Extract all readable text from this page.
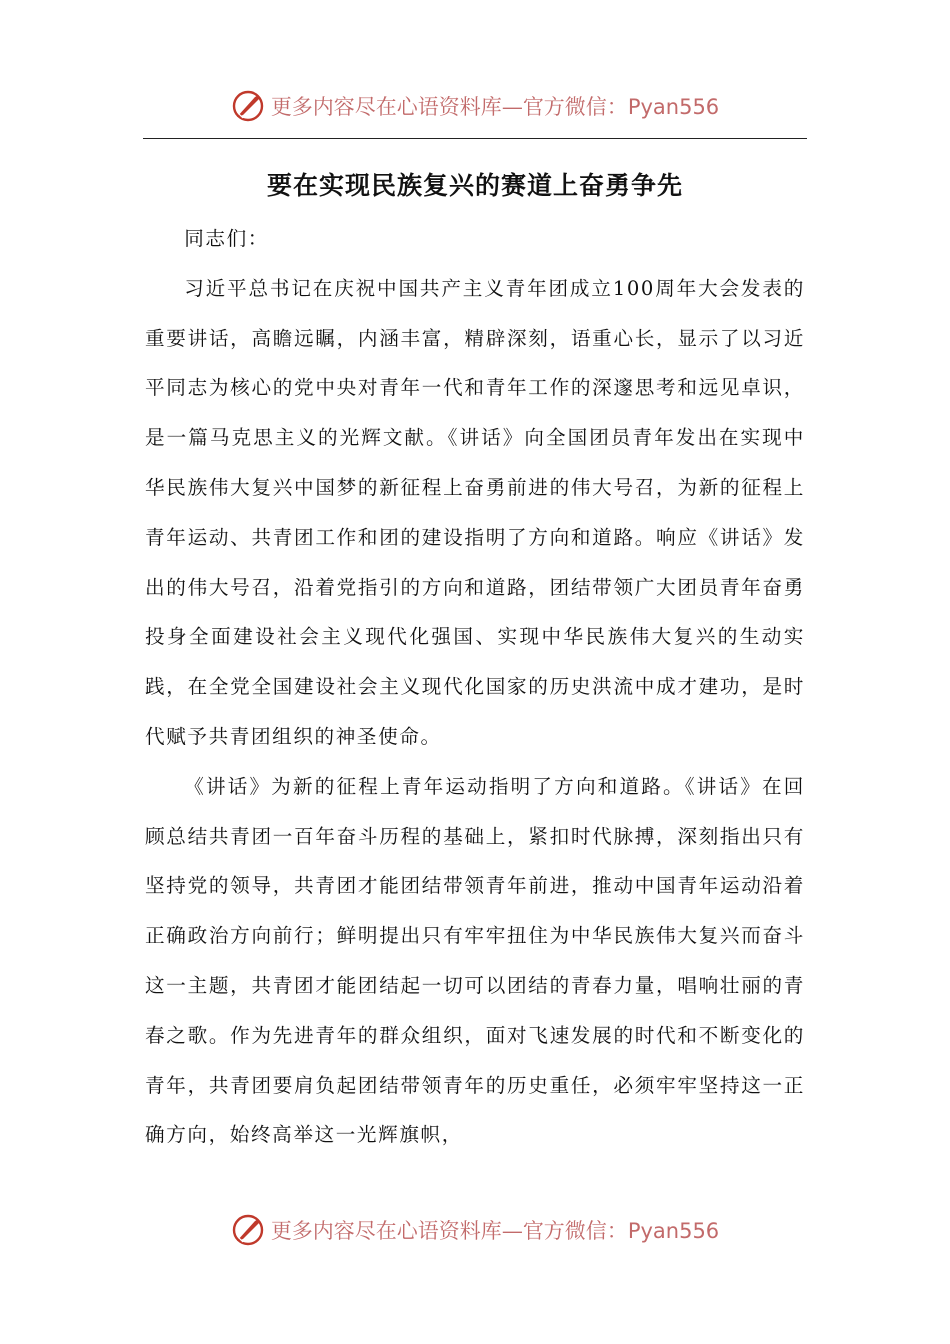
更多内容尽在心语资料库—官方微信：Pyan556
要在实现民族复兴的赛道上奋勇争先

同志们：

习近平总书记在庆祝中国共产主义青年团成立100周年大会发表的重要讲话，高瞻远瞩，内涵丰富，精辟深刻，语重心长，显示了以习近平同志为核心的党中央对青年一代和青年工作的深邃思考和远见卓识，是一篇马克思主义的光辉文献。《讲话》向全国团员青年发出在实现中华民族伟大复兴中国梦的新征程上奋勇前进的伟大号召，为新的征程上青年运动、共青团工作和团的建设指明了方向和道路。响应《讲话》发出的伟大号召，沿着党指引的方向和道路，团结带领广大团员青年奋勇投身全面建设社会主义现代化强国、实现中华民族伟大复兴的生动实践，在全党全国建设社会主义现代化国家的历史洪流中成才建功，是时代赋予共青团组织的神圣使命。

《讲话》为新的征程上青年运动指明了方向和道路。《讲话》在回顾总结共青团一百年奋斗历程的基础上，紧扣时代脉搏，深刻指出只有坚持党的领导，共青团才能团结带领青年前进，推动中国青年运动沿着正确政治方向前行；鲜明提出只有牢牢扭住为中华民族伟大复兴而奋斗这一主题，共青团才能团结起一切可以团结的青春力量，唱响壮丽的青春之歌。作为先进青年的群众组织，面对飞速发展的时代和不断变化的青年，共青团要肩负起团结带领青年的历史重任，必须牢牢坚持这一正确方向，始终高举这一光辉旗帜，

更多内容尽在心语资料库—官方微信：Pyan556
